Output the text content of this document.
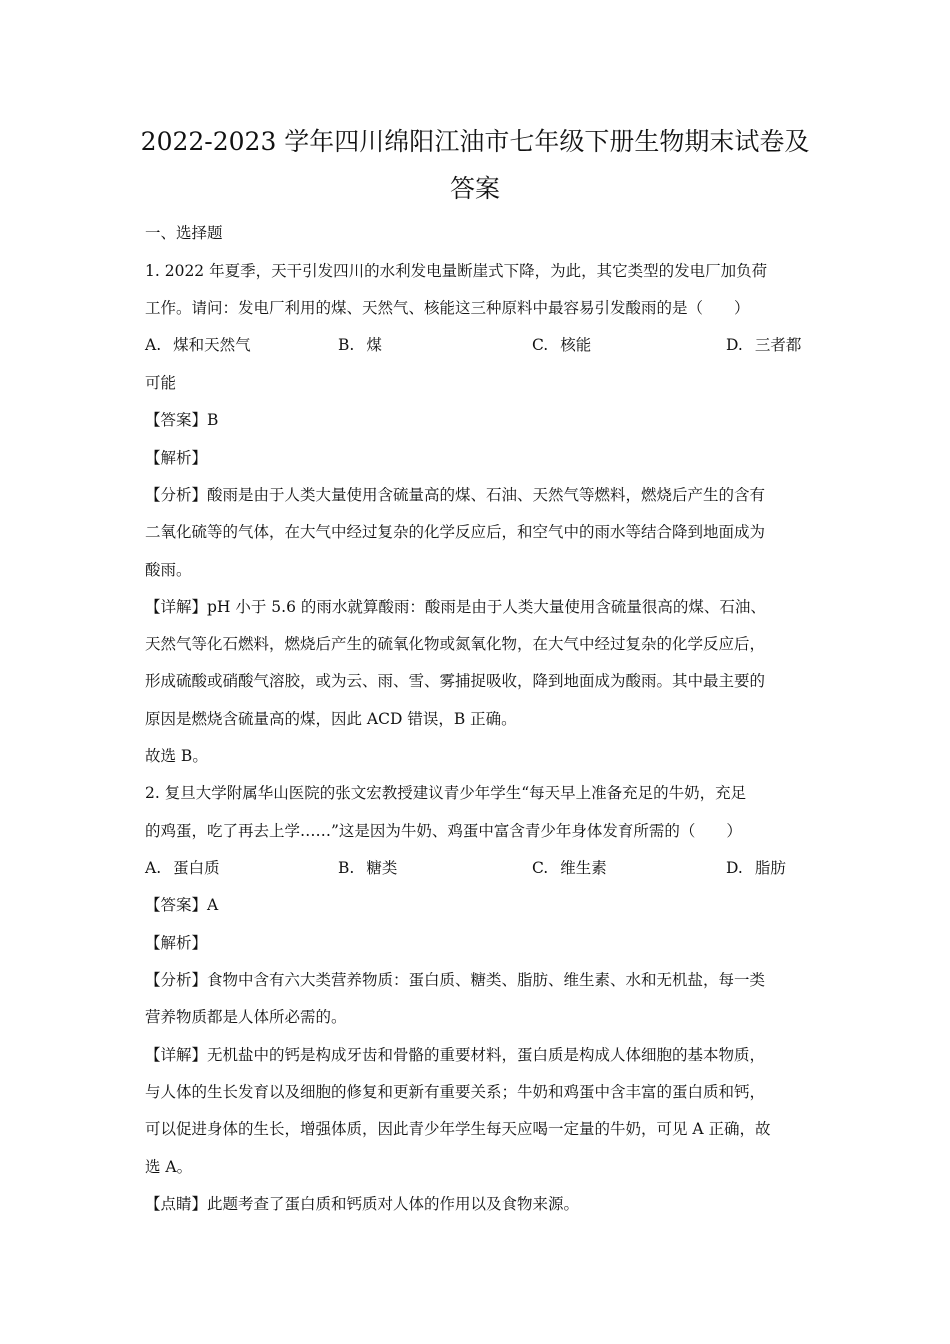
2022-2023 学年四川绵阳江油市七年级下册生物期末试卷及
答案
一、选择题
1. 2022 年夏季，天干引发四川的水利发电量断崖式下降，为此，其它类型的发电厂加负荷
工作。请问：发电厂利用的煤、天然气、核能这三种原料中最容易引发酸雨的是（　　）
A. 煤和天然气	B. 煤	C. 核能	D. 三者都
可能
【答案】B
【解析】
【分析】酸雨是由于人类大量使用含硫量高的煤、石油、天然气等燃料，燃烧后产生的含有
二氧化硫等的气体，在大气中经过复杂的化学反应后，和空气中的雨水等结合降到地面成为
酸雨。
【详解】pH 小于 5.6 的雨水就算酸雨：酸雨是由于人类大量使用含硫量很高的煤、石油、
天然气等化石燃料，燃烧后产生的硫氧化物或氮氧化物，在大气中经过复杂的化学反应后，
形成硫酸或硝酸气溶胶，或为云、雨、雪、雾捕捉吸收，降到地面成为酸雨。其中最主要的
原因是燃烧含硫量高的煤，因此 ACD 错误，B 正确。
故选 B。
2. 复旦大学附属华山医院的张文宏教授建议青少年学生“每天早上准备充足的牛奶，充足
的鸡蛋，吃了再去上学……”这是因为牛奶、鸡蛋中富含青少年身体发育所需的（　　）
A. 蛋白质	B. 糖类	C. 维生素	D. 脂肪
【答案】A
【解析】
【分析】食物中含有六大类营养物质：蛋白质、糖类、脂肪、维生素、水和无机盐，每一类
营养物质都是人体所必需的。
【详解】无机盐中的钙是构成牙齿和骨骼的重要材料，蛋白质是构成人体细胞的基本物质，
与人体的生长发育以及细胞的修复和更新有重要关系；牛奶和鸡蛋中含丰富的蛋白质和钙，
可以促进身体的生长，增强体质，因此青少年学生每天应喝一定量的牛奶，可见 A 正确，故
选 A。
【点睛】此题考查了蛋白质和钙质对人体的作用以及食物来源。
